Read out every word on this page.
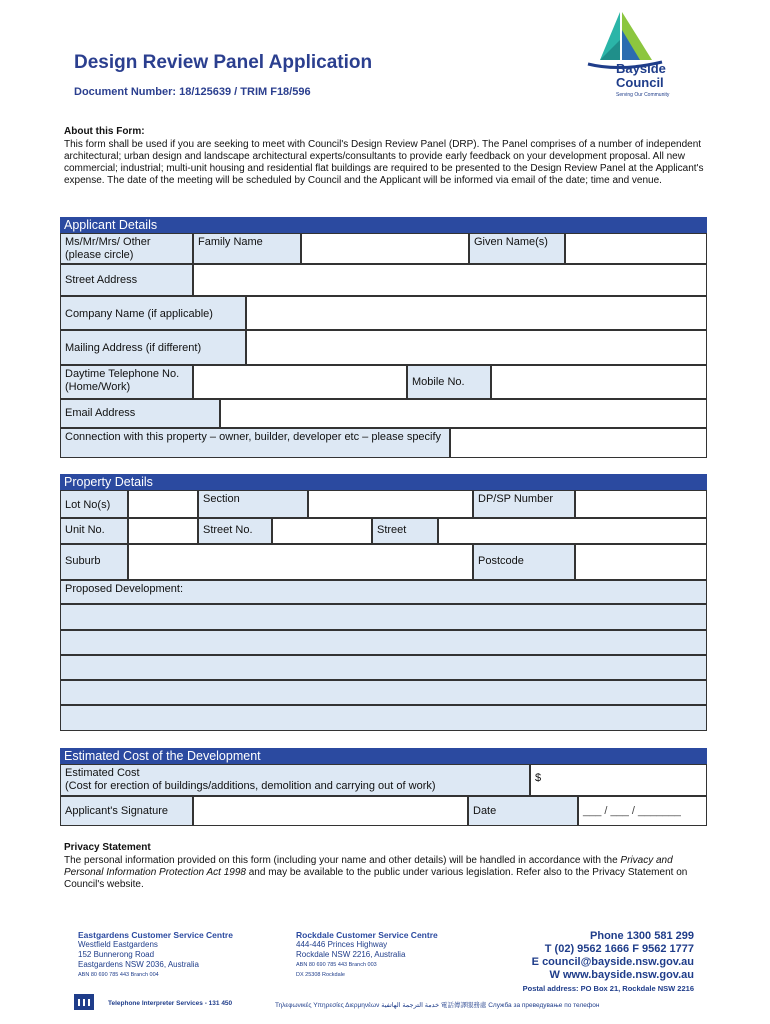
Design Review Panel Application
Document Number: 18/125639 / TRIM F18/596
Bayside
Council
Serving Our Community
About this Form:
This form shall be used if you are seeking to meet with Council's Design Review Panel (DRP). The Panel comprises of a number of independent architectural; urban design and landscape architectural experts/consultants to provide early feedback on your development proposal. All new commercial; industrial; multi-unit housing and residential flat buildings are required to be presented to the Design Review Panel at the Applicant's expense. The date of the meeting will be scheduled by Council and the Applicant will be informed via email of the date; time and venue.
Applicant Details
Ms/Mr/Mrs/ Other (please circle)
Family Name	Given Name(s)
Street Address
Company Name (if applicable)
Mailing Address (if different)
Daytime Telephone No. (Home/Work)	Mobile No.
Email Address
Connection with this property – owner, builder, developer etc – please specify
Property Details
Lot No(s)	Section	DP/SP Number
Unit No.	Street No.	Street
Suburb	Postcode
Proposed Development:
Estimated Cost of the Development
Estimated Cost
(Cost for erection of buildings/additions, demolition and carrying out of work)
$
Applicant's Signature	Date	___ / ___ / _______
Privacy Statement
The personal information provided on this form (including your name and other details) will be handled in accordance with the Privacy and Personal Information Protection Act 1998 and may be available to the public under various legislation. Refer also to the Privacy Statement on Council's website.
Eastgardens Customer Service Centre
Westfield Eastgardens
152 Bunnerong Road
Eastgardens NSW 2036, Australia
ABN 80 690 785 443 Branch 004
Rockdale Customer Service Centre
444-446 Princes Highway
Rockdale NSW 2216, Australia
ABN 80 690 785 443 Branch 003
DX 25308 Rockdale
Phone 1300 581 299
T (02) 9562 1666 F 9562 1777
E council@bayside.nsw.gov.au
W www.bayside.nsw.gov.au
Postal address: PO Box 21, Rockdale NSW 2216
Telephone Interpreter Services - 131 450	Τηλεφωνικές Υπηρεσίες Διερμηνέων خدمة الترجمة الهاتفية 電話傳譯服務處 Служба за преведување по телефон
